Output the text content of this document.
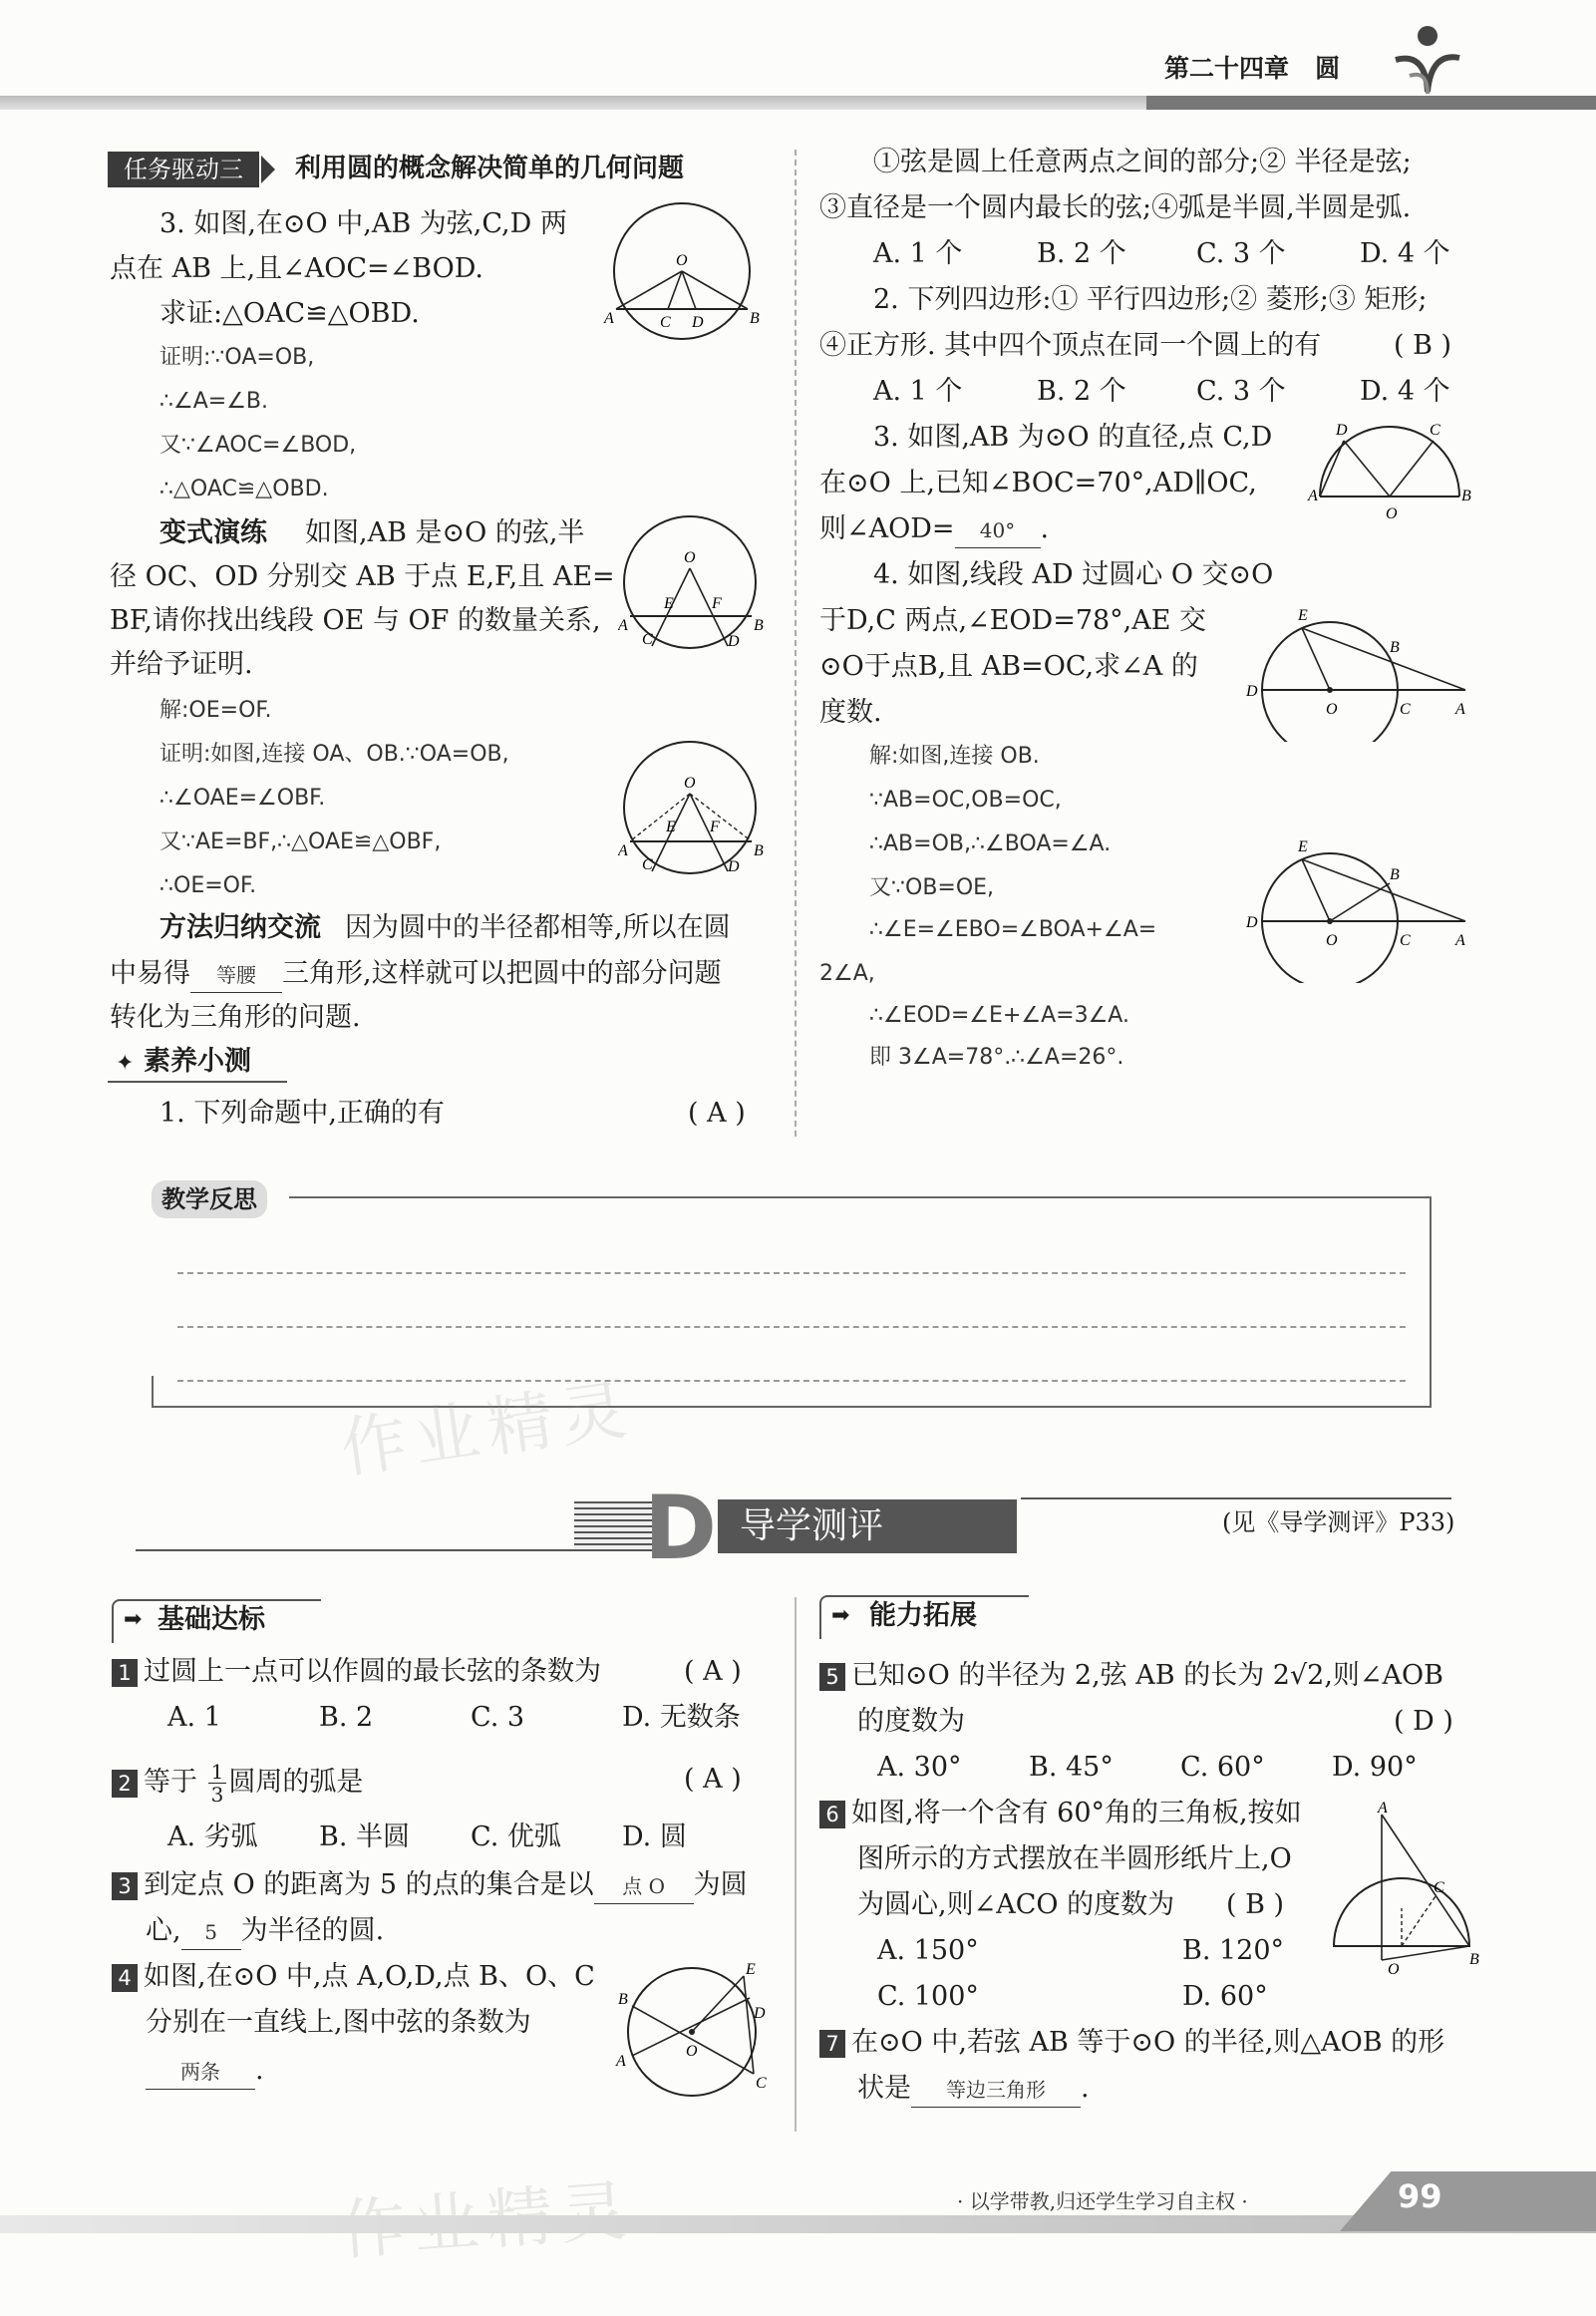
第二十四章 圆
任务驱动三	利用圆的概念解决简单的几何问题
3. 如图,在⊙O 中,AB 为弦,C,D 两
点在 AB 上,且∠AOC=∠BOD.
求证:△OAC≌△OBD.
证明:∵OA=OB,
∴∠A=∠B.
又∵∠AOC=∠BOD,
∴△OAC≌△OBD.
O
A	B
C D
变式演练 如图,AB 是⊙O 的弦,半
径 OC、OD 分别交 AB 于点 E,F,且 AE=
BF,请你找出线段 OE 与 OF 的数量关系,
并给予证明.
解:OE=OF.
证明:如图,连接 OA、OB.∵OA=OB,
∴∠OAE=∠OBF.
又∵AE=BF,∴△OAE≌△OBF,
∴OE=OF.
O
A	B
E F
C	D
O
A	B
E F
C	D
方法归纳交流 因为圆中的半径都相等,所以在圆
中易得 等腰 三角形,这样就可以把圆中的部分问题
转化为三角形的问题.
✦ 素养小测
1. 下列命题中,正确的有	( A )
①弦是圆上任意两点之间的部分;② 半径是弦;
③直径是一个圆内最长的弦;④弧是半圆,半圆是弧.
A. 1 个	B. 2 个	C. 3 个	D. 4 个
2. 下列四边形:① 平行四边形;② 菱形;③ 矩形;
④正方形. 其中四个顶点在同一个圆上的有	( B )
A. 1 个	B. 2 个	C. 3 个	D. 4 个
3. 如图,AB 为⊙O 的直径,点 C,D
在⊙O 上,已知∠BOC=70°,AD∥OC,
则∠AOD= 40° .
D	C
A	B
O
4. 如图,线段 AD 过圆心 O 交⊙O
于D,C 两点,∠EOD=78°,AE 交
⊙O于点B,且 AB=OC,求∠A 的
度数.
E
B
D
O	C	A
解:如图,连接 OB.
∵AB=OC,OB=OC,
∴AB=OB,∴∠BOA=∠A.
又∵OB=OE,
∴∠E=∠EBO=∠BOA+∠A=
2∠A,
∴∠EOD=∠E+∠A=3∠A.
即 3∠A=78°.∴∠A=26°.
E
B
D
O	C	A
教学反思
作业精灵
D 导学测评	(见《导学测评》P33)
➡ 基础达标
1 过圆上一点可以作圆的最长弦的条数为	( A )
A. 1	B. 2	C. 3	D. 无数条
2 等于 $\frac{1}{3}$ 圆周的弧是	( A )
A. 劣弧 B. 半圆 C. 优弧 D. 圆
3 到定点 O 的距离为 5 的点的集合是以 点 O 为圆
心, 5 为半径的圆.
4 如图,在⊙O 中,点 A,O,D,点 B、O、C
分别在一直线上,图中弦的条数为
两条 .
B
A
O
E
D
C
➡ 能力拓展
5 已知⊙O 的半径为 2,弦 AB 的长为 2√2,则∠AOB
的度数为	( D )
A. 30° B. 45° C. 60° D. 90°
6 如图,将一个含有 60°角的三角板,按如
图所示的方式摆放在半圆形纸片上,O
为圆心,则∠ACO 的度数为 ( B )
A. 150°	B. 120°
C. 100°	D. 60°
A
C
O
B
7 在⊙O 中,若弦 AB 等于⊙O 的半径,则△AOB 的形
状是 等边三角形 .
99
· 以学带教,归还学生学习自主权 ·
